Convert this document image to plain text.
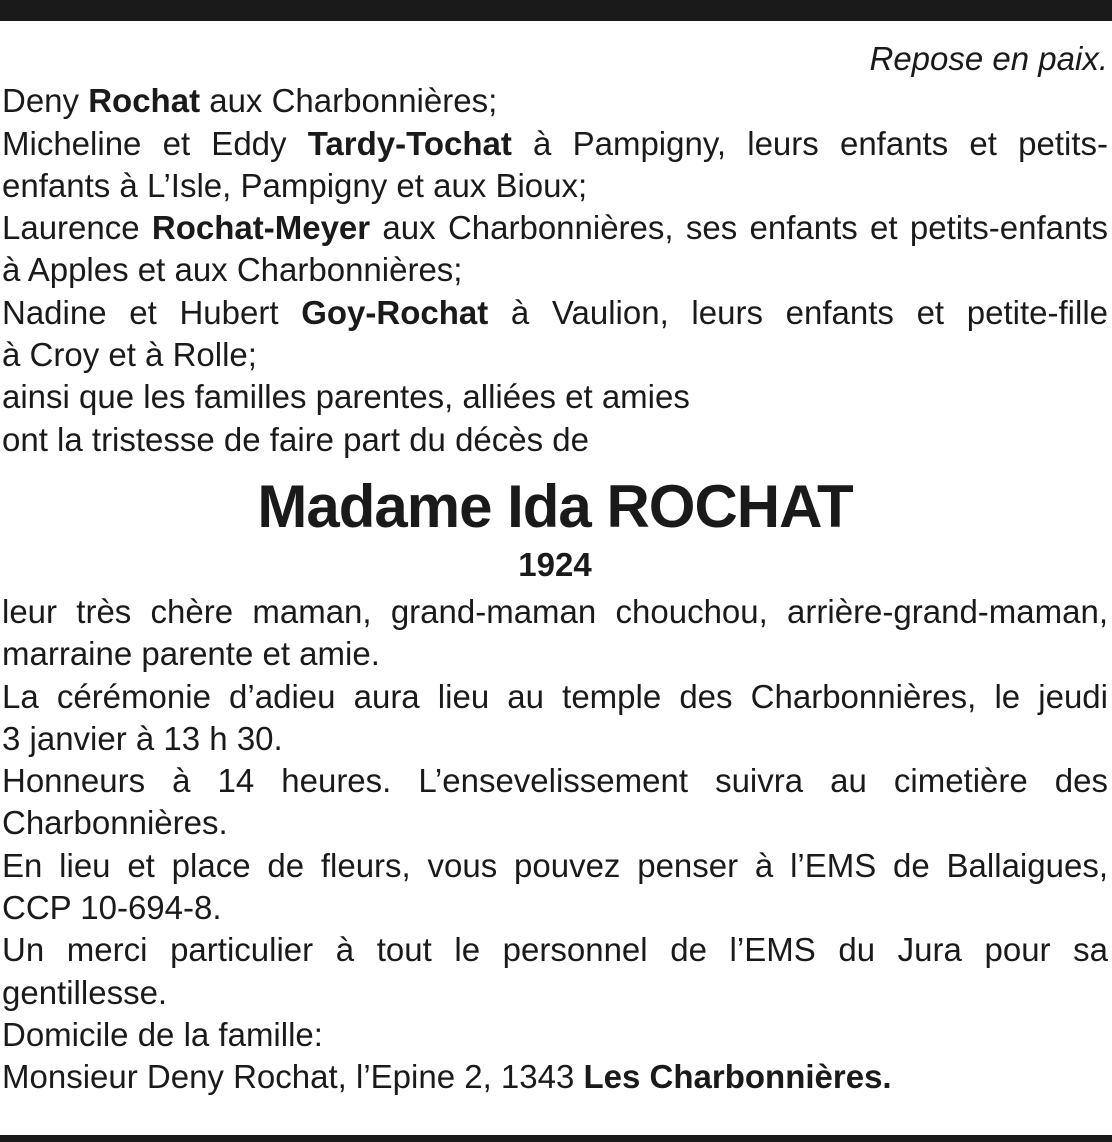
Repose en paix.
Deny Rochat aux Charbonnières;
Micheline et Eddy Tardy-Tochat à Pampigny, leurs enfants et petits-
enfants à L’Isle, Pampigny et aux Bioux;
Laurence Rochat-Meyer aux Charbonnières, ses enfants et petits-enfants
à Apples et aux Charbonnières;
Nadine et Hubert Goy-Rochat à Vaulion, leurs enfants et petite-fille
à Croy et à Rolle;
ainsi que les familles parentes, alliées et amies
ont la tristesse de faire part du décès de
Madame Ida ROCHAT
1924
leur très chère maman, grand-maman chouchou, arrière-grand-maman,
marraine parente et amie.
La cérémonie d’adieu aura lieu au temple des Charbonnières, le jeudi
3 janvier à 13 h 30.
Honneurs à 14 heures. L’ensevelissement suivra au cimetière des
Charbonnières.
En lieu et place de fleurs, vous pouvez penser à l’EMS de Ballaigues,
CCP 10-694-8.
Un merci particulier à tout le personnel de l’EMS du Jura pour sa
gentillesse.
Domicile de la famille:
Monsieur Deny Rochat, l’Epine 2, 1343 Les Charbonnières.
